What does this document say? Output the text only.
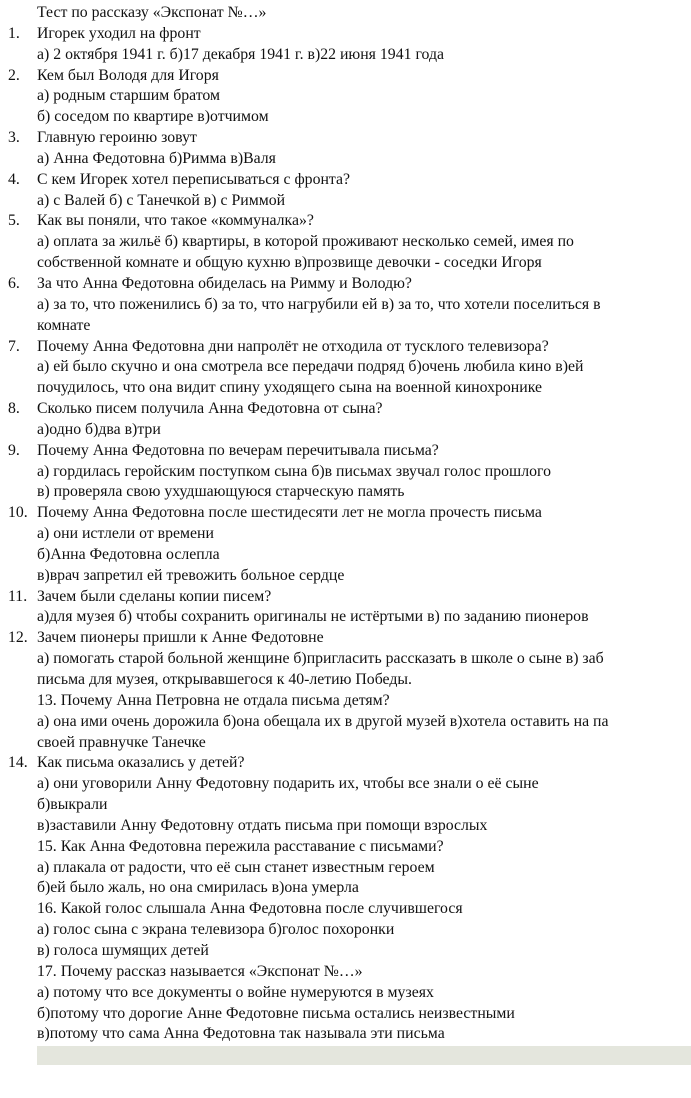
Тест по рассказу «Экспонат №…»
1.	Игорек уходил на фронт
а) 2 октября 1941 г. б)17 декабря 1941 г. в)22 июня 1941 года
2.	Кем был Володя для Игоря
а) родным старшим братом
б) соседом по квартире в)отчимом
3.	Главную героиню зовут
а) Анна Федотовна б)Римма в)Валя
4.	С кем Игорек хотел переписываться с фронта?
а) с Валей б) с Танечкой в) с Риммой
5.	Как вы поняли, что такое «коммуналка»?
а) оплата за жильё б) квартиры, в которой проживают несколько семей, имея по
собственной комнате и общую кухню в)прозвище девочки - соседки Игоря
6.	За что Анна Федотовна обиделась на Римму и Володю?
а) за то, что поженились б) за то, что нагрубили ей в) за то, что хотели поселиться в
комнате
7.	Почему Анна Федотовна дни напролёт не отходила от тусклого телевизора?
а) ей было скучно и она смотрела все передачи подряд б)очень любила кино в)ей
почудилось, что она видит спину уходящего сына на военной кинохронике
8.	Сколько писем получила Анна Федотовна от сына?
а)одно б)два в)три
9.	Почему Анна Федотовна по вечерам перечитывала письма?
а) гордилась геройским поступком сына б)в письмах звучал голос прошлого
в) проверяла свою ухудшающуюся старческую память
10. Почему Анна Федотовна после шестидесяти лет не могла прочесть письма
а) они истлели от времени
б)Анна Федотовна ослепла
в)врач запретил ей тревожить больное сердце
11. Зачем были сделаны копии писем?
а)для музея б) чтобы сохранить оригиналы не истёртыми в) по заданию пионеров
12. Зачем пионеры пришли к Анне Федотовне
а) помогать старой больной женщине б)пригласить рассказать в школе о сыне в) заб
письма для музея, открывавшегося к 40-летию Победы.
13. Почему Анна Петровна не отдала письма детям?
а) она ими очень дорожила б)она обещала их в другой музей в)хотела оставить на па
своей правнучке Танечке
14. Как письма оказались у детей?
а) они уговорили Анну Федотовну подарить их, чтобы все знали о её сыне
б)выкрали
в)заставили Анну Федотовну отдать письма при помощи взрослых
15. Как Анна Федотовна пережила расставание с письмами?
а) плакала от радости, что её сын станет известным героем
б)ей было жаль, но она смирилась в)она умерла
16. Какой голос слышала Анна Федотовна после случившегося
а) голос сына с экрана телевизора б)голос похоронки
в) голоса шумящих детей
17. Почему рассказ называется «Экспонат №…»
а) потому что все документы о войне нумеруются в музеях
б)потому что дорогие Анне Федотовне письма остались неизвестными
в)потому что сама Анна Федотовна так называла эти письма
